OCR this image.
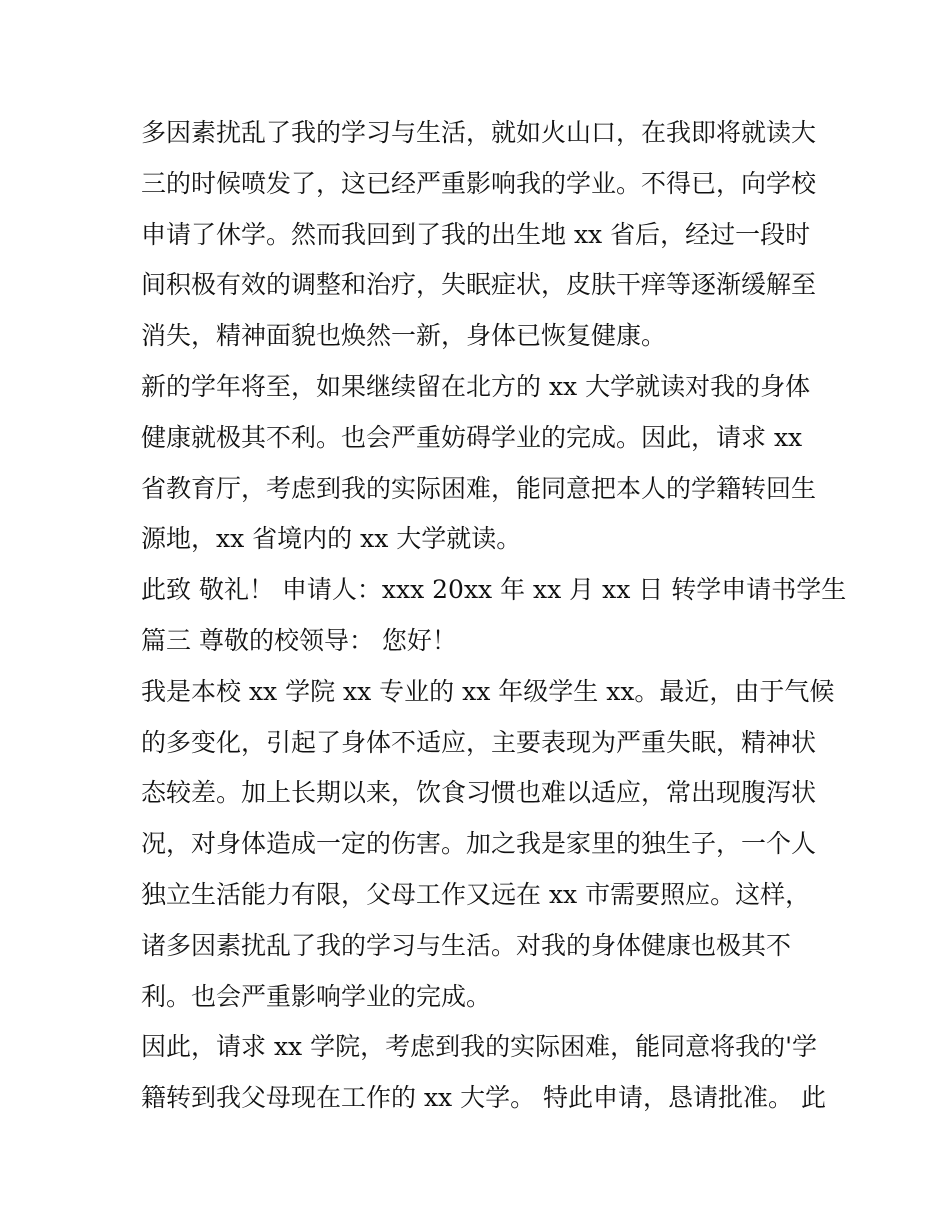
多因素扰乱了我的学习与生活，就如火山口，在我即将就读大
三的时候喷发了，这已经严重影响我的学业。不得已，向学校
申请了休学。然而我回到了我的出生地 xx 省后，经过一段时
间积极有效的调整和治疗，失眠症状，皮肤干痒等逐渐缓解至
消失，精神面貌也焕然一新，身体已恢复健康。
新的学年将至，如果继续留在北方的 xx 大学就读对我的身体
健康就极其不利。也会严重妨碍学业的完成。因此，请求 xx
省教育厅，考虑到我的实际困难，能同意把本人的学籍转回生
源地，xx 省境内的 xx 大学就读。
此致 敬礼！ 申请人：xxx 20xx 年 xx 月 xx 日 转学申请书学生
篇三 尊敬的校领导： 您好！
我是本校 xx 学院 xx 专业的 xx 年级学生 xx。最近，由于气候
的多变化，引起了身体不适应，主要表现为严重失眠，精神状
态较差。加上长期以来，饮食习惯也难以适应，常出现腹泻状
况，对身体造成一定的伤害。加之我是家里的独生子，一个人
独立生活能力有限，父母工作又远在 xx 市需要照应。这样，
诸多因素扰乱了我的学习与生活。对我的身体健康也极其不
利。也会严重影响学业的完成。
因此，请求 xx 学院，考虑到我的实际困难，能同意将我的'学
籍转到我父母现在工作的 xx 大学。 特此申请，恳请批准。 此
